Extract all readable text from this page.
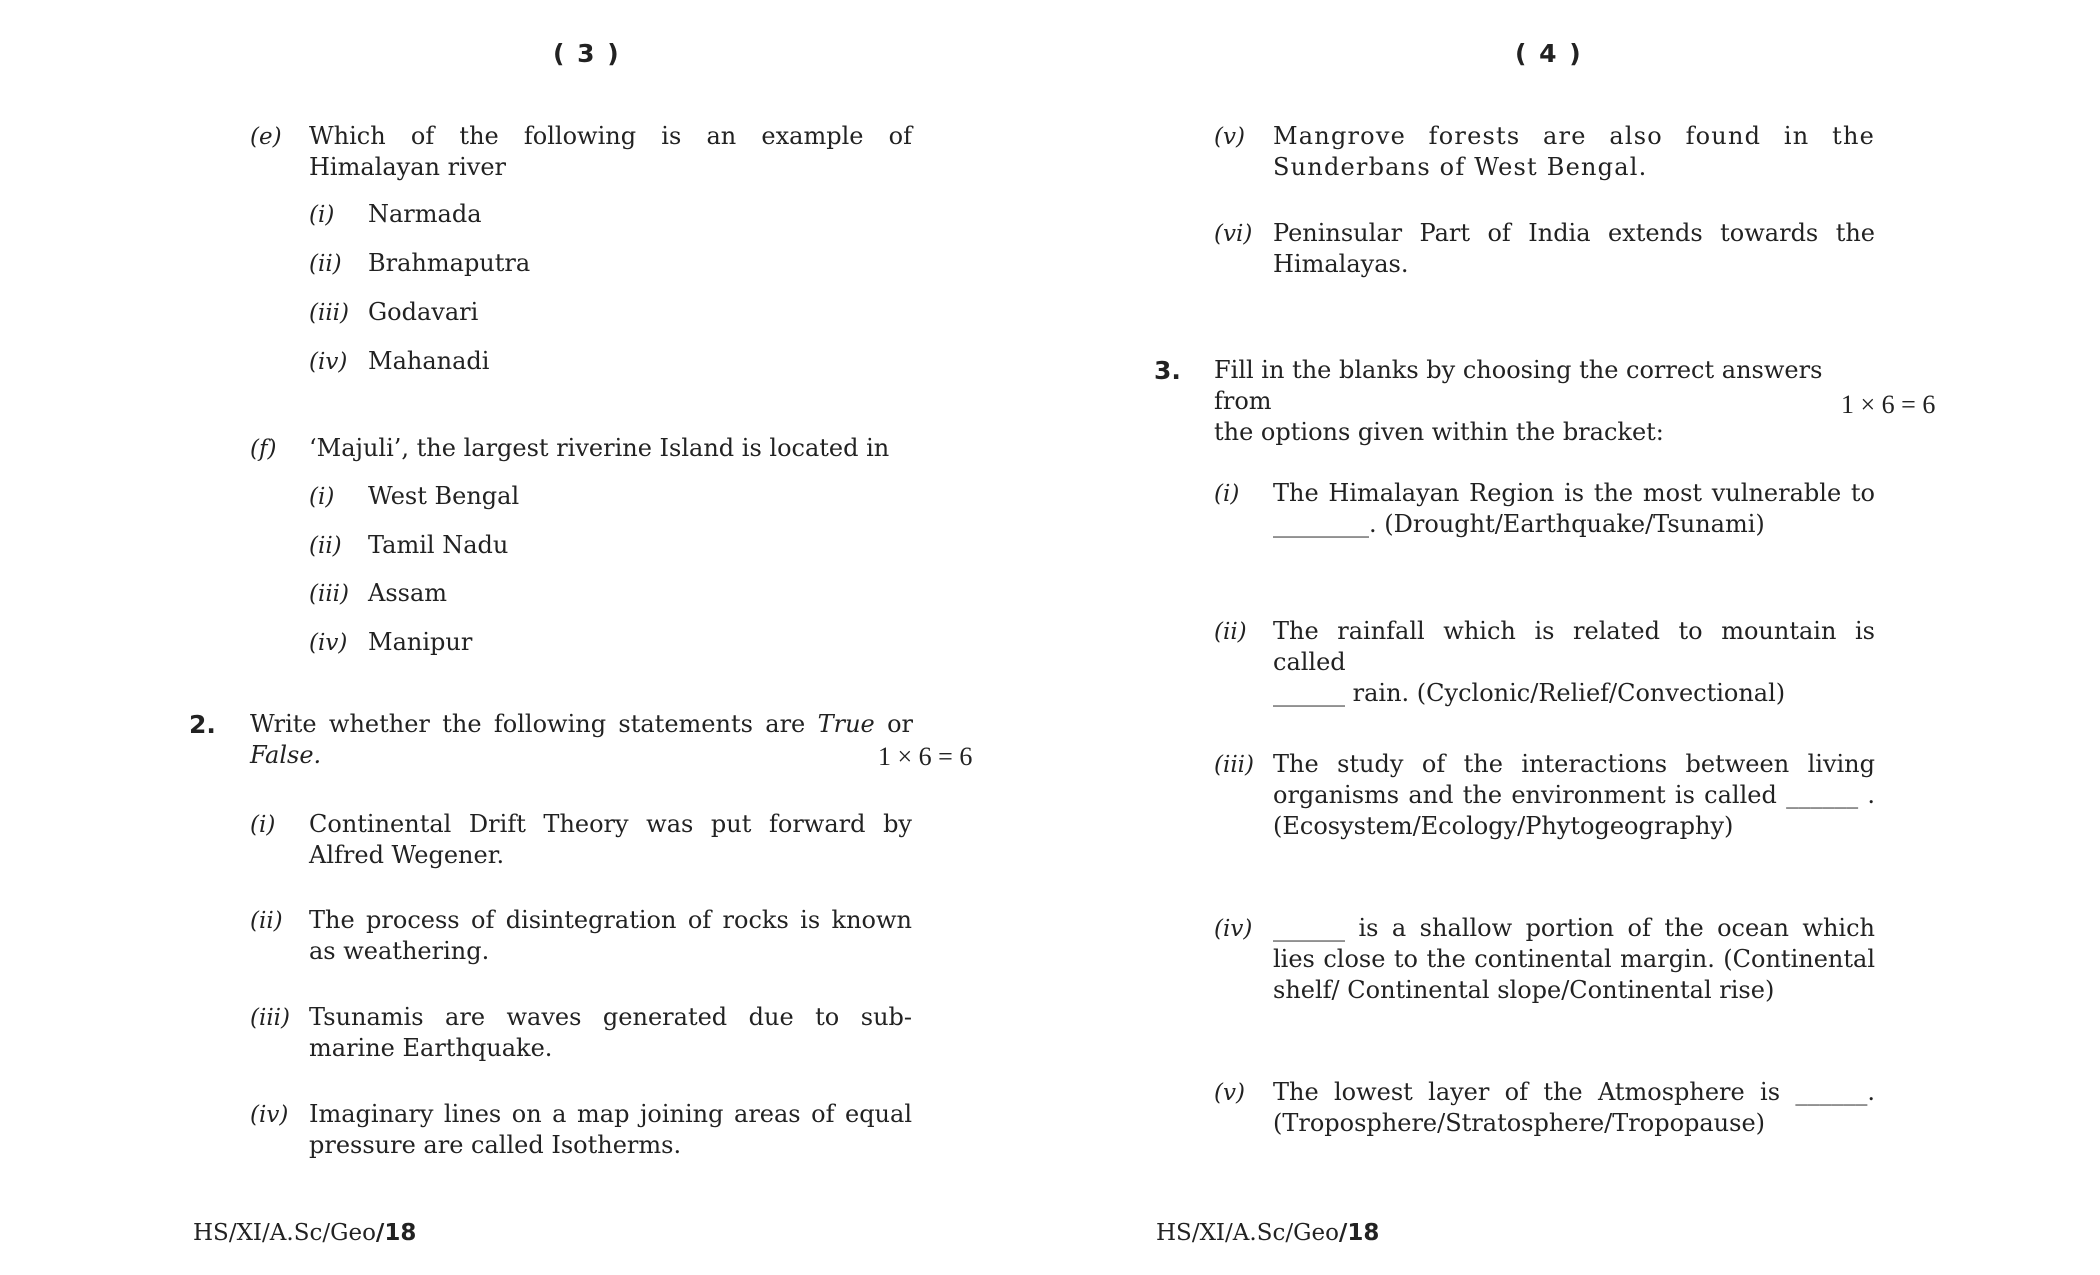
( 3 )
(e) Which of the following is an example of Himalayan river
(i) Narmada
(ii) Brahmaputra
(iii) Godavari
(iv) Mahanadi
(f) ‘Majuli’, the largest riverine Island is located in
(i) West Bengal
(ii) Tamil Nadu
(iii) Assam
(iv) Manipur
2. Write whether the following statements are True or
False.	1 × 6 = 6
(i) Continental Drift Theory was put forward by Alfred Wegener.
(ii) The process of disintegration of rocks is known as weathering.
(iii) Tsunamis are waves generated due to sub-marine Earthquake.
(iv) Imaginary lines on a map joining areas of equal pressure are called Isotherms.
HS/XI/A.Sc/Geo/18
( 4 )
(v) Mangrove forests are also found in the Sunderbans of West Bengal.
(vi) Peninsular Part of India extends towards the Himalayas.
3. Fill in the blanks by choosing the correct answers from
the options given within the bracket:
1 × 6 = 6
(i) The Himalayan Region is the most vulnerable to
________. (Drought/Earthquake/Tsunami)
(ii) The rainfall which is related to mountain is called
______ rain. (Cyclonic/Relief/Convectional)
(iii) The study of the interactions between living
organisms and the environment is called ______ .
(Ecosystem/Ecology/Phytogeography)
(iv) ______ is a shallow portion of the ocean which
lies close to the continental margin. (Continental
shelf/ Continental slope/Continental rise)
(v) The lowest layer of the Atmosphere is ______.
(Troposphere/Stratosphere/Tropopause)
HS/XI/A.Sc/Geo/18
